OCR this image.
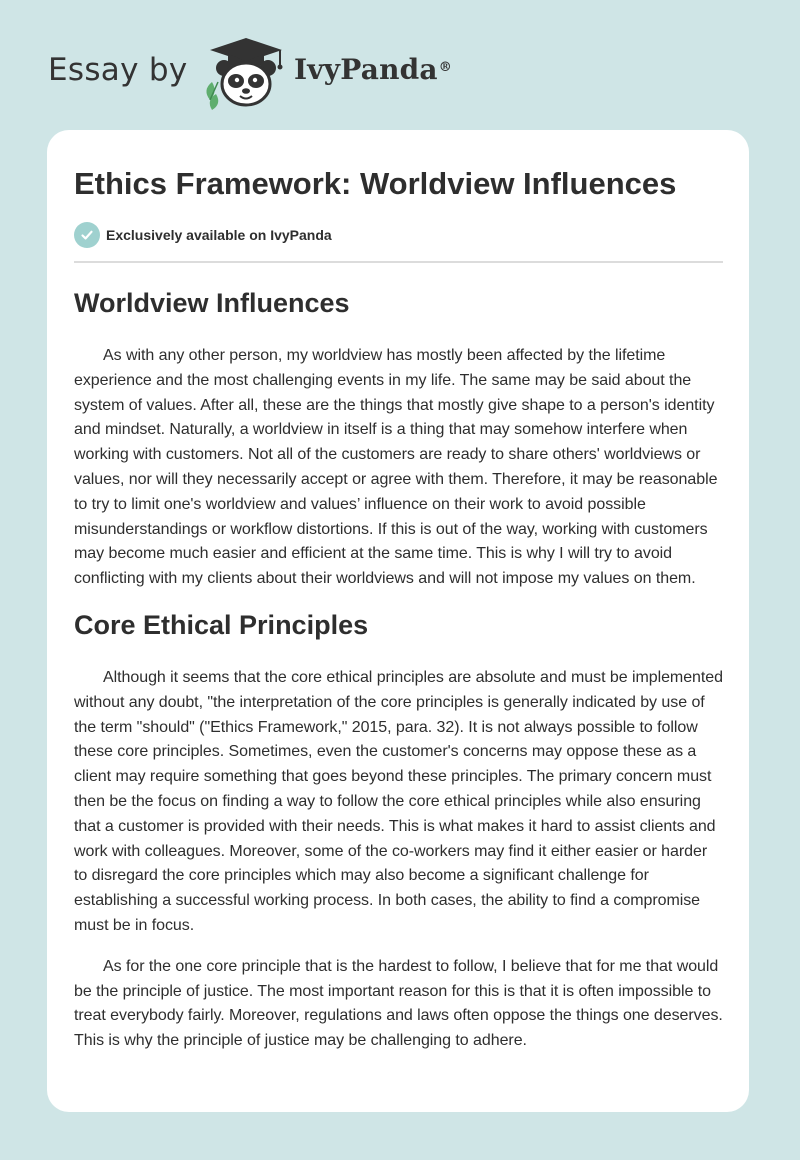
Essay by	IvyPanda®
Ethics Framework: Worldview Influences
Exclusively available on IvyPanda
Worldview Influences

As with any other person, my worldview has mostly been affected by the lifetime experience and the most challenging events in my life. The same may be said about the system of values. After all, these are the things that mostly give shape to a person's identity and mindset. Naturally, a worldview in itself is a thing that may somehow interfere when working with customers. Not all of the customers are ready to share others' worldviews or values, nor will they necessarily accept or agree with them. Therefore, it may be reasonable to try to limit one's worldview and values’ influence on their work to avoid possible misunderstandings or workflow distortions. If this is out of the way, working with customers may become much easier and efficient at the same time. This is why I will try to avoid conflicting with my clients about their worldviews and will not impose my values on them.

Core Ethical Principles

Although it seems that the core ethical principles are absolute and must be implemented without any doubt, "the interpretation of the core principles is generally indicated by use of the term "should" ("Ethics Framework," 2015, para. 32). It is not always possible to follow these core principles. Sometimes, even the customer's concerns may oppose these as a client may require something that goes beyond these principles. The primary concern must then be the focus on finding a way to follow the core ethical principles while also ensuring that a customer is provided with their needs. This is what makes it hard to assist clients and work with colleagues. Moreover, some of the co-workers may find it either easier or harder to disregard the core principles which may also become a significant challenge for establishing a successful working process. In both cases, the ability to find a compromise must be in focus.

As for the one core principle that is the hardest to follow, I believe that for me that would be the principle of justice. The most important reason for this is that it is often impossible to treat everybody fairly. Moreover, regulations and laws often oppose the things one deserves. This is why the principle of justice may be challenging to adhere.
